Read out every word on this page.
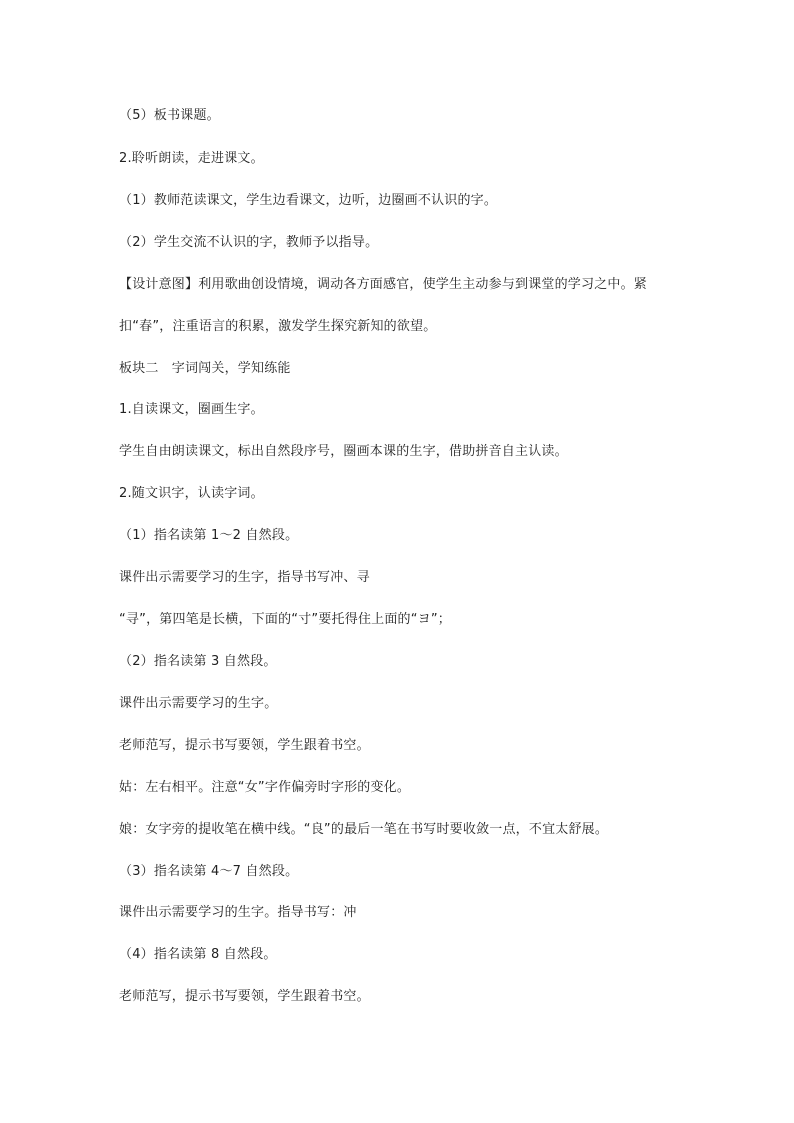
（5）板书课题。
2.聆听朗读，走进课文。
（1）教师范读课文，学生边看课文，边听，边圈画不认识的字。
（2）学生交流不认识的字，教师予以指导。
【设计意图】利用歌曲创设情境，调动各方面感官，使学生主动参与到课堂的学习之中。紧
扣“春”，注重语言的积累，激发学生探究新知的欲望。
板块二　字词闯关，学知练能
1.自读课文，圈画生字。
学生自由朗读课文，标出自然段序号，圈画本课的生字，借助拼音自主认读。
2.随文识字，认读字词。
（1）指名读第 1～2 自然段。
课件出示需要学习的生字，指导书写冲、寻
“寻”，第四笔是长横，下面的“寸”要托得住上面的“ヨ”；
（2）指名读第 3 自然段。
课件出示需要学习的生字。
老师范写，提示书写要领，学生跟着书空。
姑：左右相平。注意“女”字作偏旁时字形的变化。
娘：女字旁的提收笔在横中线。“良”的最后一笔在书写时要收敛一点，不宜太舒展。
（3）指名读第 4～7 自然段。
课件出示需要学习的生字。指导书写：冲
（4）指名读第 8 自然段。
老师范写，提示书写要领，学生跟着书空。
